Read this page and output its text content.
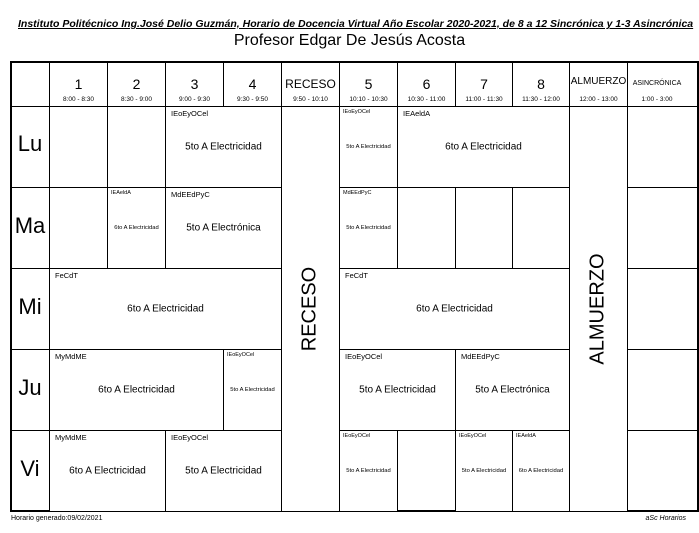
Instituto Politécnico Ing.José Delio Guzmán, Horario de Docencia Virtual Año Escolar 2020-2021, de 8 a 12 Sincrónica y 1-3 Asincrónica
Profesor Edgar De Jesús Acosta
1
8:00 - 8:30
2
8:30 - 9:00
3
9:00 - 9:30
4
9:30 - 9:50
RECESO
9:50 - 10:10
5
10:10 - 10:30
6
10:30 - 11:00
7
11:00 - 11:30
8
11:30 - 12:00
ALMUERZO
12:00 - 13:00
ASINCRÓNICA
1:00 - 3:00
Lu
Ma
Mi
Ju
Vi
IEoEyOCel
5to A Electricidad
IEoEyOCel
5to A Electricidad
IEAeldA
6to A Electricidad
IEAeldA
6to A Electricidad
MdEEdPyC
5to A Electrónica
MdEEdPyC
5to A Electricidad
FeCdT
6to A Electricidad
FeCdT
6to A Electricidad
MyMdME
6to A Electricidad
IEoEyOCel
5to A Electricidad
IEoEyOCel
5to A Electricidad
MdEEdPyC
5to A Electrónica
MyMdME
6to A Electricidad
IEoEyOCel
5to A Electricidad
IEoEyOCel
5to A Electricidad
IEoEyOCel
5to A Electricidad
IEAeldA
6to A Electricidad
RECESO	ALMUERZO
Horario generado:09/02/2021	aSc Horarios
